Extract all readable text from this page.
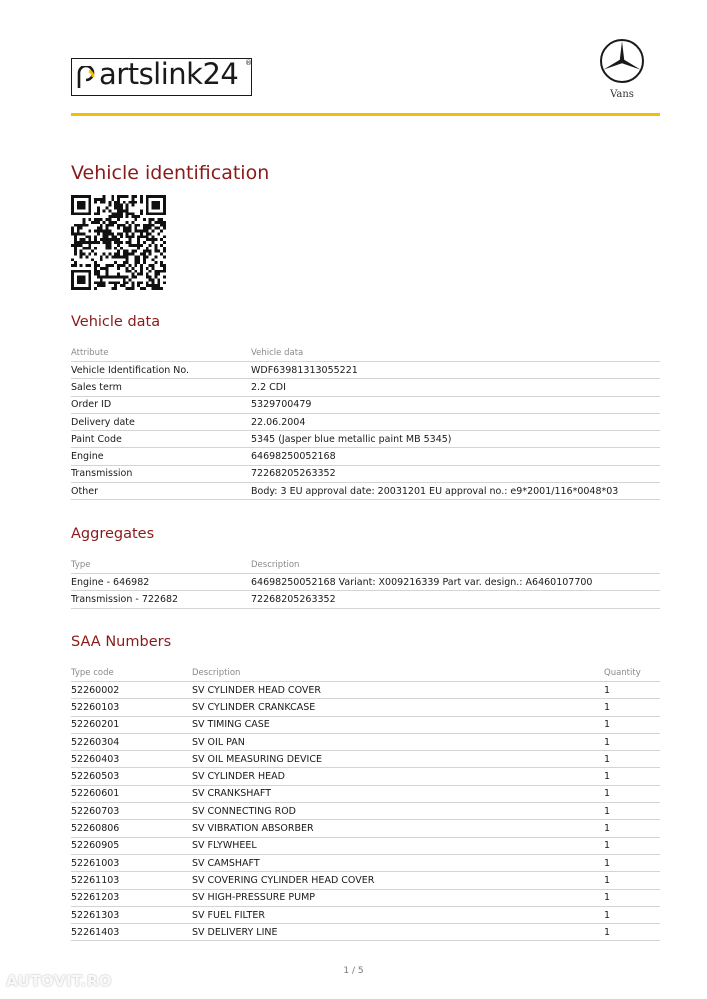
artslink24 ®
Vans
Vehicle identification
Vehicle data
Attribute	Vehicle data
Vehicle Identification No.	WDF63981313055221
Sales term	2.2 CDI
Order ID	5329700479
Delivery date	22.06.2004
Paint Code	5345 (Jasper blue metallic paint MB 5345)
Engine	64698250052168
Transmission	72268205263352
Other	Body: 3 EU approval date: 20031201 EU approval no.: e9*2001/116*0048*03
Aggregates
Type	Description
Engine - 646982	64698250052168 Variant: X009216339 Part var. design.: A6460107700
Transmission - 722682	72268205263352
SAA Numbers
Type code	Description	Quantity
52260002	SV CYLINDER HEAD COVER	1
52260103	SV CYLINDER CRANKCASE	1
52260201	SV TIMING CASE	1
52260304	SV OIL PAN	1
52260403	SV OIL MEASURING DEVICE	1
52260503	SV CYLINDER HEAD	1
52260601	SV CRANKSHAFT	1
52260703	SV CONNECTING ROD	1
52260806	SV VIBRATION ABSORBER	1
52260905	SV FLYWHEEL	1
52261003	SV CAMSHAFT	1
52261103	SV COVERING CYLINDER HEAD COVER	1
52261203	SV HIGH-PRESSURE PUMP	1
52261303	SV FUEL FILTER	1
52261403	SV DELIVERY LINE	1
1 / 5
AUTOVIT.RO
